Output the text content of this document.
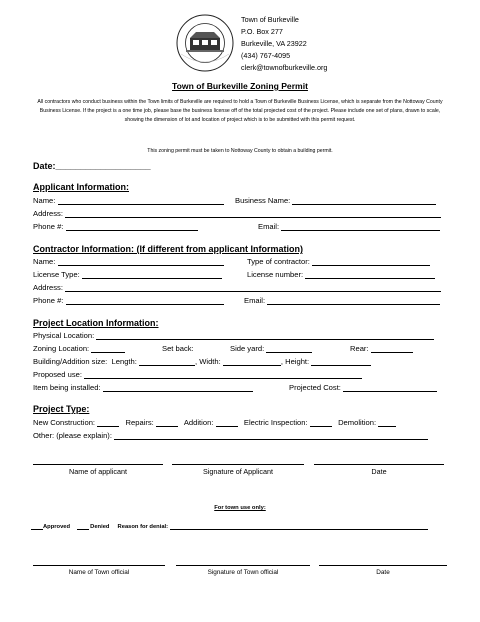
Town of Burkeville
P.O. Box 277
Burkeville, VA 23922
(434) 767-4095
clerk@townofburkeville.org
Town of Burkeville Zoning Permit
All contractors who conduct business within the Town limits of Burkeville are required to hold a Town of Burkeville Business License, which is separate from the Nottoway County Business License. If the project is a one time job, please base the business license off of the total projected cost of the project. Please include one set of plans, drawn to scale, showing the dimension of lot and location of project which is to be submitted with this permit request.
This zoning permit must be taken to Nottoway County to obtain a building permit.
Date:___________________
Applicant Information:
Name:	Business Name:
Address:
Phone #:	Email:
Contractor Information: (If different from applicant Information)
Name:	Type of contractor:
License Type:	License number:
Address:
Phone #:	Email:
Project Location Information:
Physical Location:
Zoning Location:	Set back:	Side yard:	Rear:
Building/Addition size: Length:	, Width:	, Height:
Proposed use:
Item being installed:	Projected Cost:
Project Type:
New Construction:	Repairs:	Addition:	Electric Inspection:	Demolition:
Other: (please explain):
Name of applicant	Signature of Applicant	Date
For town use only:
Approved	Denied Reason for denial:
Name of Town official	Signature of Town official	Date
